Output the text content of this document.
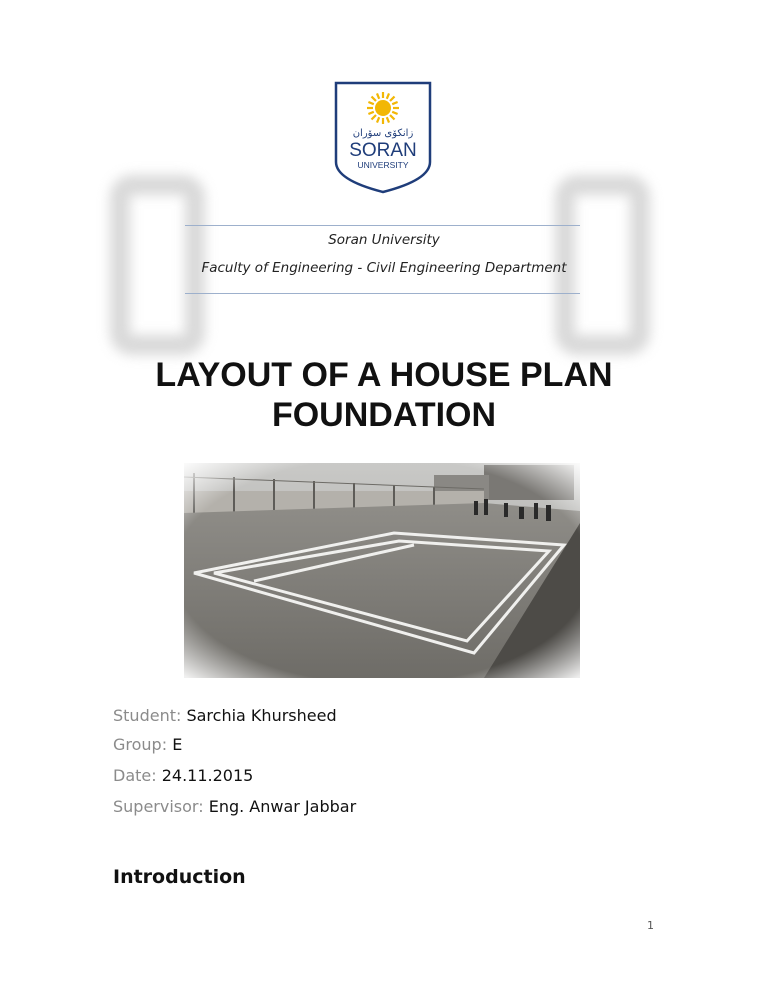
زانكۆی سۆران
SORAN
UNIVERSITY
Soran University
Faculty of Engineering - Civil Engineering Department
LAYOUT OF A HOUSE PLAN
FOUNDATION
Student: Sarchia Khursheed
Group: E
Date: 24.11.2015
Supervisor: Eng. Anwar Jabbar
Introduction
1
